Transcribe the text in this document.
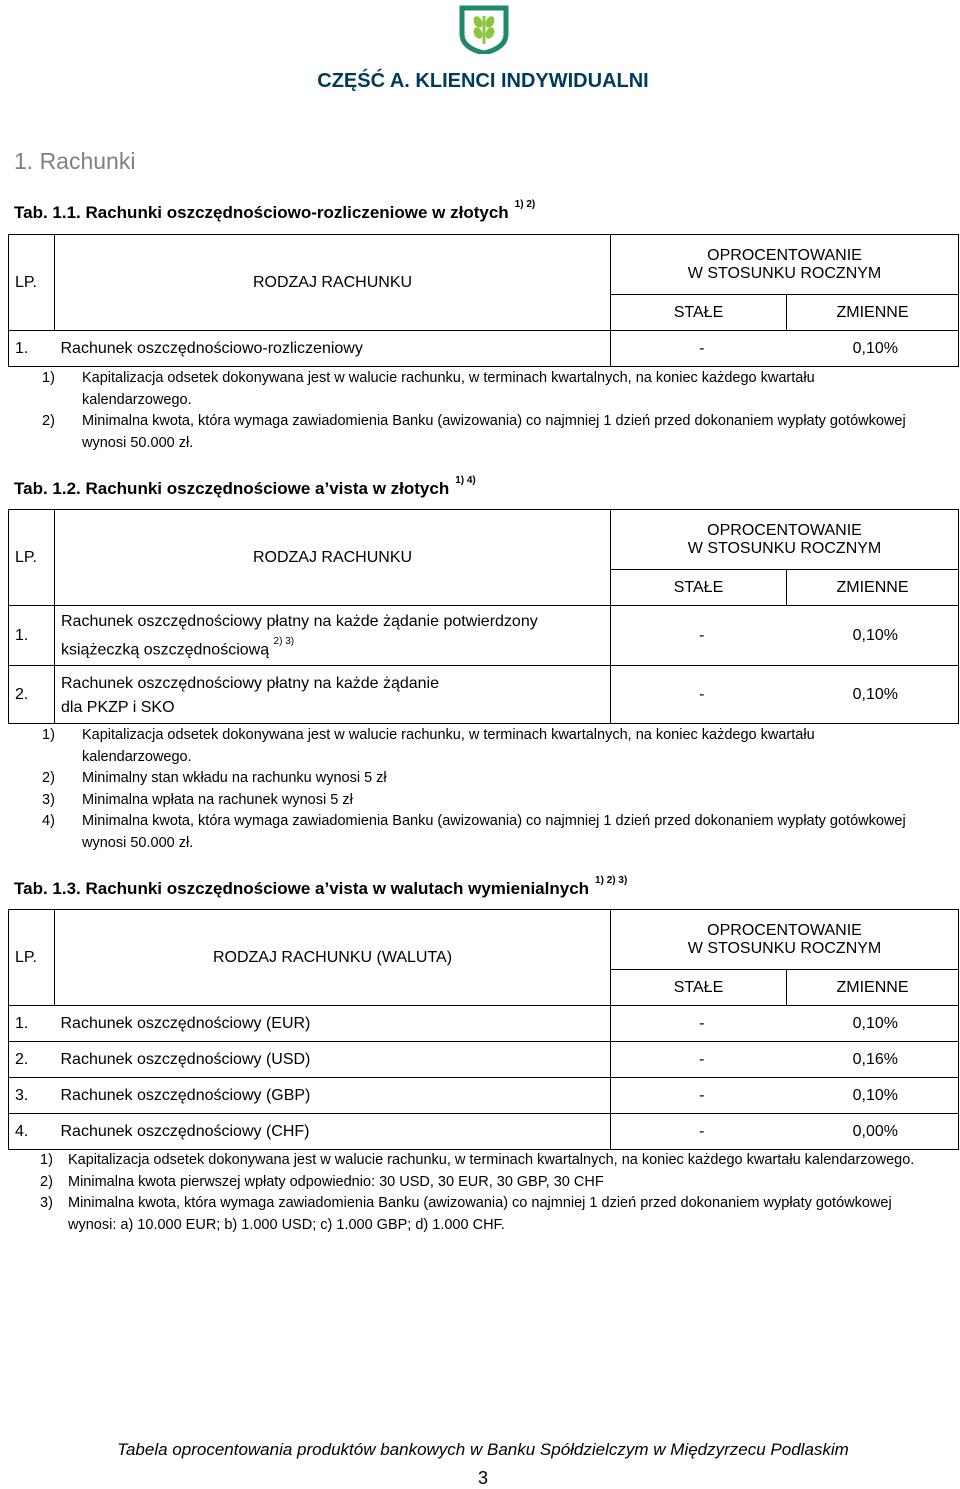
CZĘŚĆ A. KLIENCI INDYWIDUALNI
1. Rachunki
Tab. 1.1. Rachunki oszczędnościowo-rozliczeniowe w złotych $^{1) 2)}$
LP.	RODZAJ RACHUNKU	OPROCENTOWANIE
W STOSUNKU ROCZNYM	
		STAŁE	ZMIENNE
1.	Rachunek oszczędnościowo-rozliczeniowy	-	0,10%
1)	Kapitalizacja odsetek dokonywana jest w walucie rachunku, w terminach kwartalnych, na koniec każdego kwartału kalendarzowego.
2)	Minimalna kwota, która wymaga zawiadomienia Banku (awizowania) co najmniej 1 dzień przed dokonaniem wypłaty gotówkowej wynosi 50.000 zł.
Tab. 1.2. Rachunki oszczędnościowe a’vista w złotych $^{1) 4)}$
LP.	RODZAJ RACHUNKU	OPROCENTOWANIE
W STOSUNKU ROCZNYM	
		STAŁE	ZMIENNE
1.	Rachunek oszczędnościowy płatny na każde żądanie potwierdzony
książeczką oszczędnościową $^{2) 3)}$	-	0,10%
2.	Rachunek oszczędnościowy płatny na każde żądanie
dla PKZP i SKO	-	0,10%
1)	Kapitalizacja odsetek dokonywana jest w walucie rachunku, w terminach kwartalnych, na koniec każdego kwartału kalendarzowego.
2)	Minimalny stan wkładu na rachunku wynosi 5 zł
3)	Minimalna wpłata na rachunek wynosi 5 zł
4)	Minimalna kwota, która wymaga zawiadomienia Banku (awizowania) co najmniej 1 dzień przed dokonaniem wypłaty gotówkowej wynosi 50.000 zł.
Tab. 1.3. Rachunki oszczędnościowe a’vista w walutach wymienialnych $^{1) 2) 3)}$
LP.	RODZAJ RACHUNKU (WALUTA)	OPROCENTOWANIE
W STOSUNKU ROCZNYM	
		STAŁE	ZMIENNE
1.	Rachunek oszczędnościowy (EUR)	-	0,10%
2.	Rachunek oszczędnościowy (USD)	-	0,16%
3.	Rachunek oszczędnościowy (GBP)	-	0,10%
4.	Rachunek oszczędnościowy (CHF)	-	0,00%
1)	Kapitalizacja odsetek dokonywana jest w walucie rachunku, w terminach kwartalnych, na koniec każdego kwartału kalendarzowego.
2)	Minimalna kwota pierwszej wpłaty odpowiednio: 30 USD, 30 EUR, 30 GBP, 30 CHF
3)	Minimalna kwota, która wymaga zawiadomienia Banku (awizowania) co najmniej 1 dzień przed dokonaniem wypłaty gotówkowej wynosi: a) 10.000 EUR; b) 1.000 USD; c) 1.000 GBP; d) 1.000 CHF.
Tabela oprocentowania produktów bankowych w Banku Spółdzielczym w Międzyrzecu Podlaskim
3
